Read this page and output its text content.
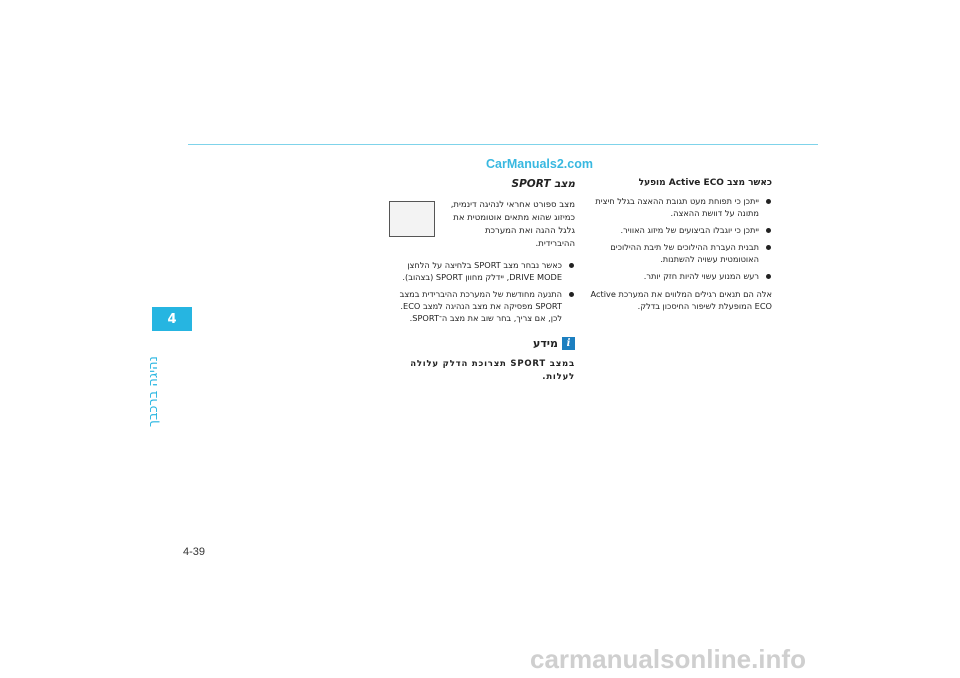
CarManuals2.com
4
נהיגה ברכבך
כאשר מצב Active ECO מופעל
ייתכן כי תפוחת מעט תגובת ההאצה בגלל חיצית מתונה על דוושת ההאצה.
ייתכן כי יוגבלו הביצועים של מיזוג האוויר.
תבנית העברת ההילוכים של תיבת ההילוכים האוטומטית עשויה להשתנות.
רעש המנוע עשוי להיות חזק יותר.
אלה הם תנאים רגילים המלווים את המערכת Active ECO המופעלת לשיפור החיסכון בדלק.
מצב SPORT
מצב ספורט אחראי לנהיגה דינמית, כמיזוג שהוא מתאים אוטומטית את גלגל ההגה ואת המערכת ההיברידית.
כאשר נבחר מצב SPORT בלחיצה על הלחצן DRIVE MODE, יידלק מחוון SPORT (בצהוב).
התנעה מחודשת של המערכת ההיברידית במצב SPORT מפסיקה את מצב הנהיגה למצב ECO. לכן, אם צריך, בחר שוב את מצב ה־SPORT.
i
מידע
במצב SPORT תצרוכת הדלק עלולה לעלות.
4-39
carmanualsonline.info
